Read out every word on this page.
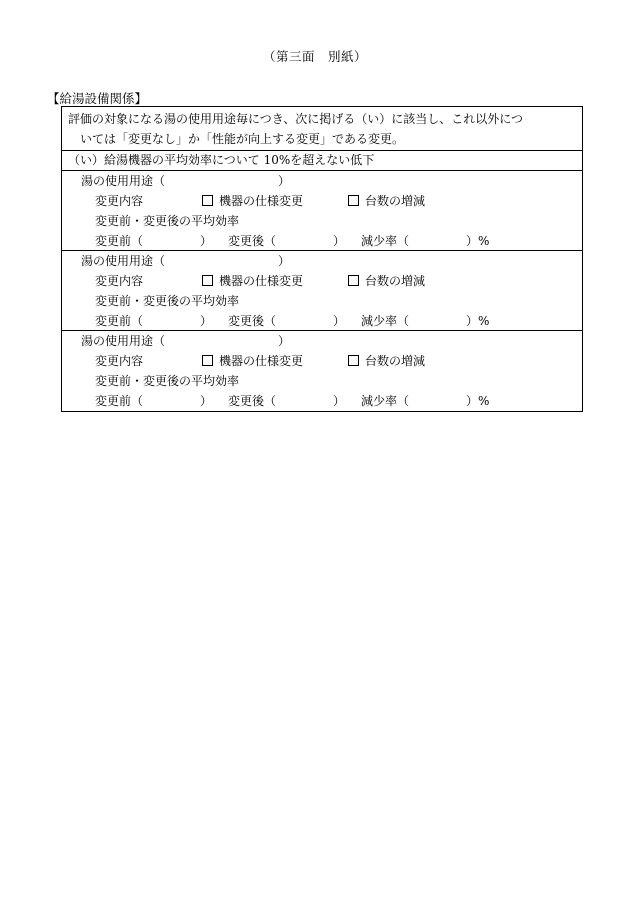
（第三面　別紙）
【給湯設備関係】
評価の対象になる湯の使用用途毎につき、次に掲げる（い）に該当し、これ以外につ
いては「変更なし」か「性能が向上する変更」である変更。
（い）給湯機器の平均効率について 10%を超えない低下
湯の使用用途（	）
変更内容	機器の仕様変更	台数の増減
変更前・変更後の平均効率
変更前（	） 変更後（	） 減少率（	）%
湯の使用用途（	）
変更内容	機器の仕様変更	台数の増減
変更前・変更後の平均効率
変更前（	） 変更後（	） 減少率（	）%
湯の使用用途（	）
変更内容	機器の仕様変更	台数の増減
変更前・変更後の平均効率
変更前（	） 変更後（	） 減少率（	）%
